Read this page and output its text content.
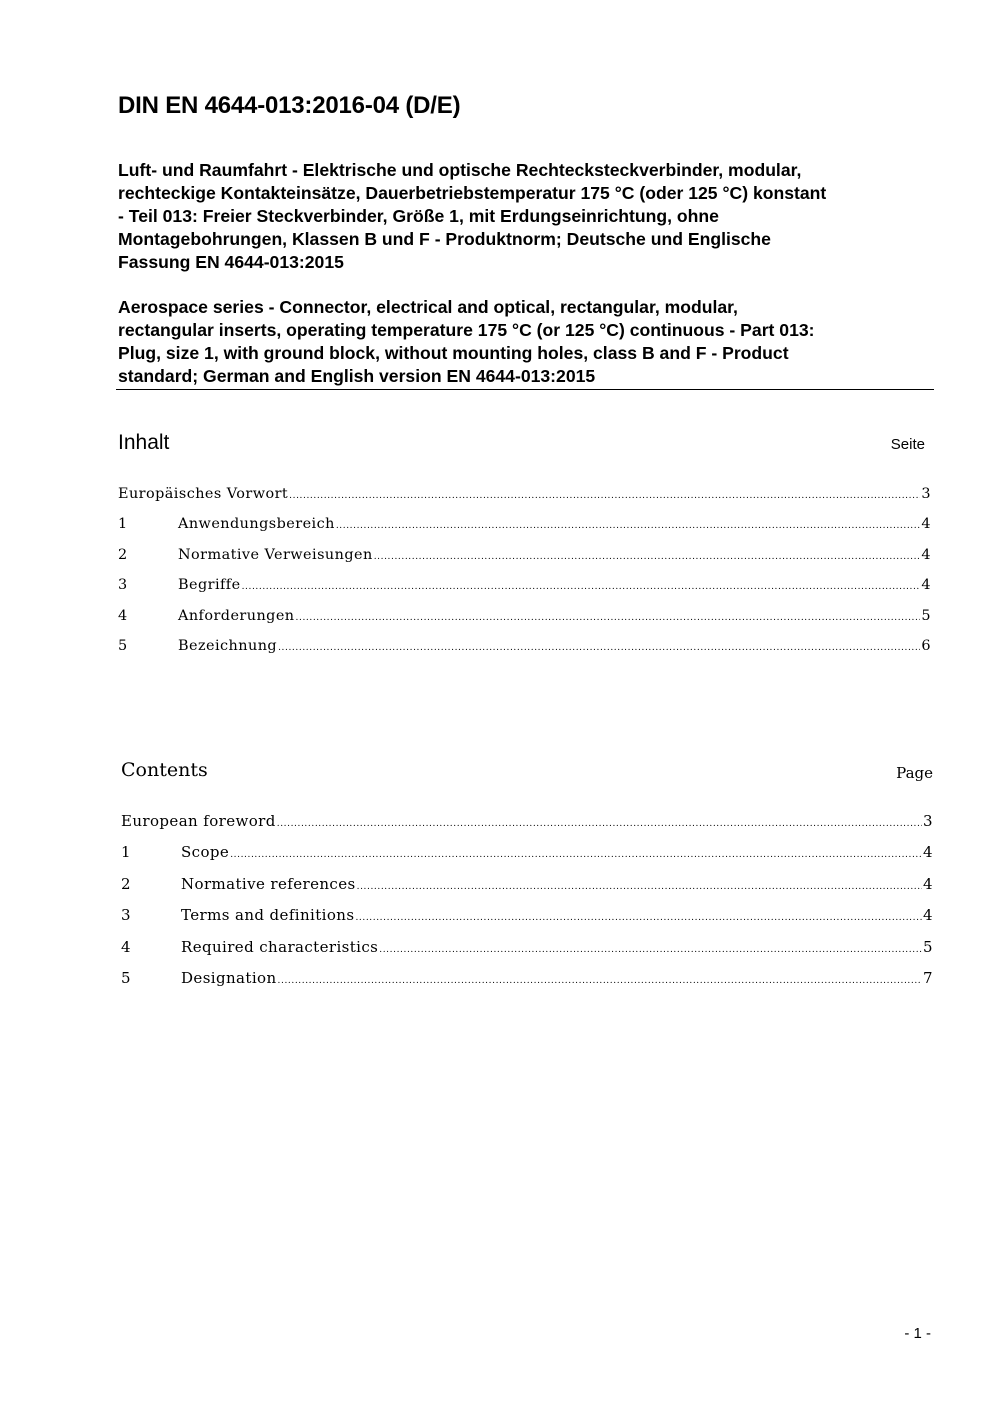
DIN EN 4644-013:2016-04 (D/E)
Luft- und Raumfahrt - Elektrische und optische Rechtecksteckverbinder, modular,
rechteckige Kontakteinsätze, Dauerbetriebstemperatur 175 °C (oder 125 °C) konstant
- Teil 013: Freier Steckverbinder, Größe 1, mit Erdungseinrichtung, ohne
Montagebohrungen, Klassen B und F - Produktnorm; Deutsche und Englische
Fassung EN 4644-013:2015
Aerospace series - Connector, electrical and optical, rectangular, modular,
rectangular inserts, operating temperature 175 °C (or 125 °C) continuous - Part 013:
Plug, size 1, with ground block, without mounting holes, class B and F - Product
standard; German and English version EN 4644-013:2015
Inhalt	Seite
Europäisches Vorwort .....	3
1	Anwendungsbereich .....	4
2	Normative Verweisungen .....	4
3	Begriffe .....	4
4	Anforderungen .....	5
5	Bezeichnung .....	6
Contents	Page
European foreword .....	3
1	Scope .....	4
2	Normative references .....	4
3	Terms and definitions .....	4
4	Required characteristics .....	5
5	Designation .....	7
- 1 -
